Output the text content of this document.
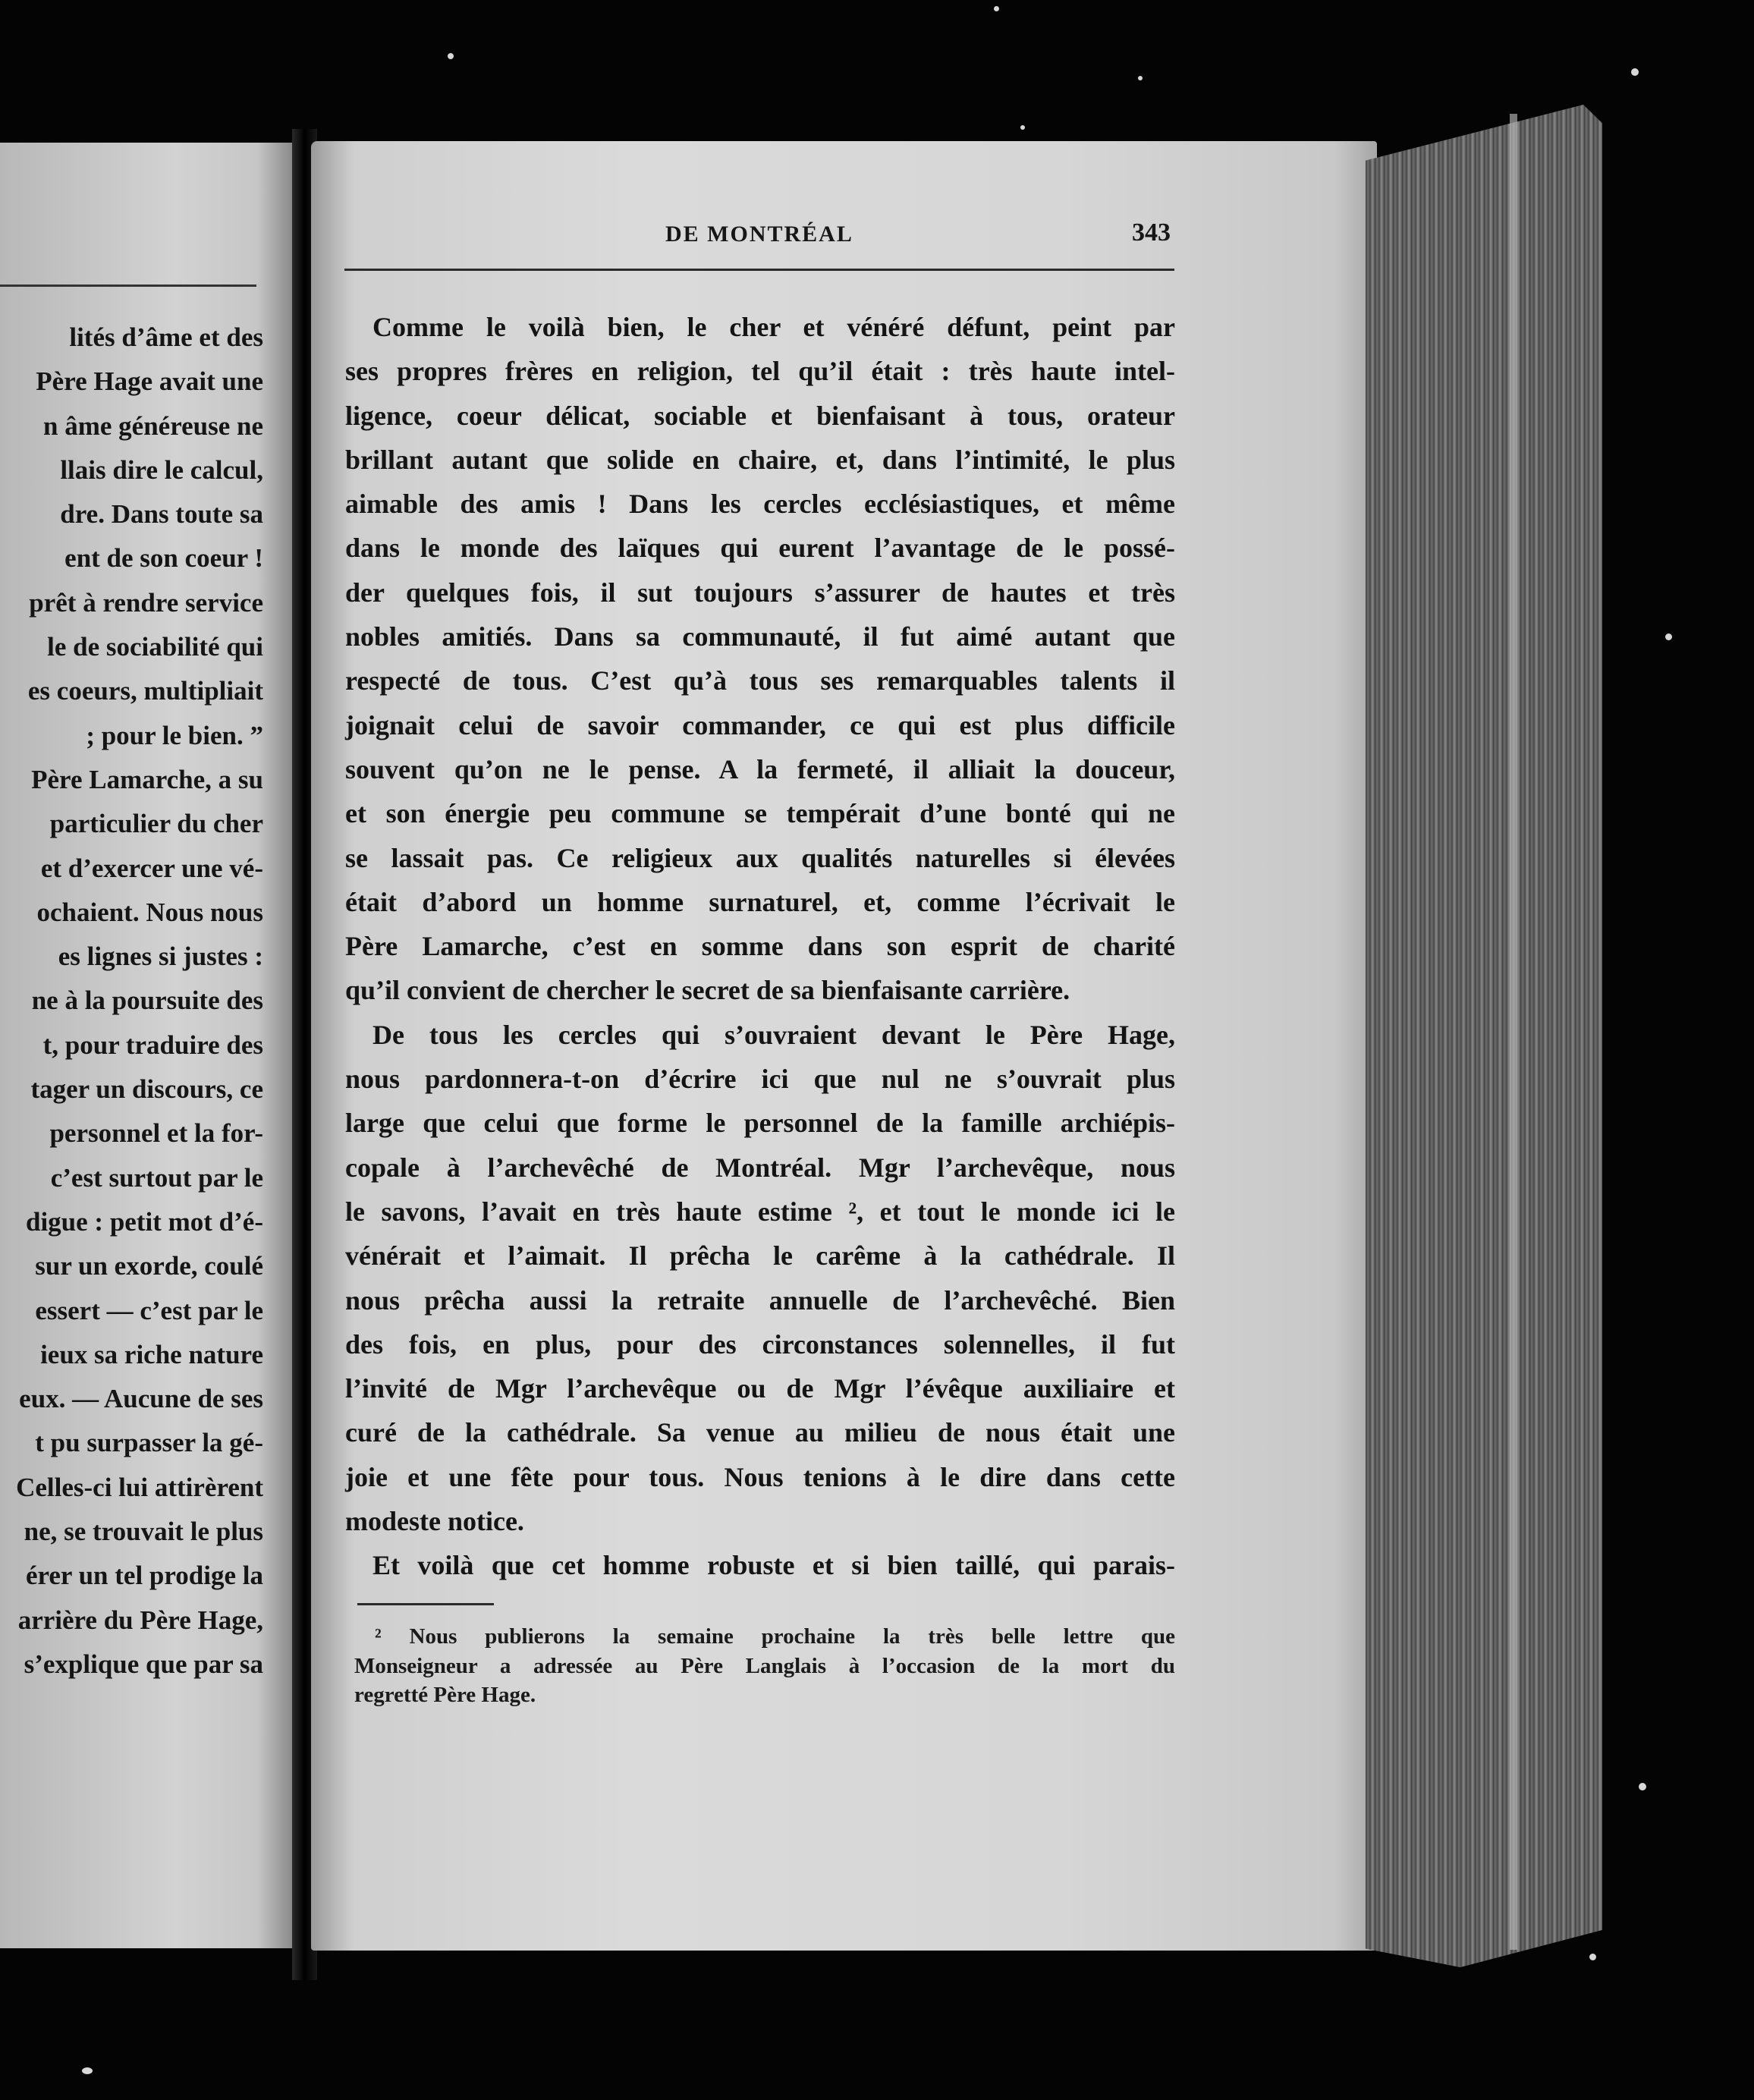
lités d’âme et des
Père Hage avait une
n âme généreuse ne
llais dire le calcul,
dre. Dans toute sa
ent de son coeur !
prêt à rendre service
le de sociabilité qui
es coeurs, multipliait
; pour le bien. ”
Père Lamarche, a su
particulier du cher
et d’exercer une vé-
ochaient. Nous nous
es lignes si justes :
ne à la poursuite des
t, pour traduire des
tager un discours, ce
personnel et la for-
c’est surtout par le
digue : petit mot d’é-
sur un exorde, coulé
essert — c’est par le
ieux sa riche nature
eux. — Aucune de ses
t pu surpasser la gé-
Celles-ci lui attirèrent
ne, se trouvait le plus
érer un tel prodige la
arrière du Père Hage,
s’explique que par sa
DE MONTRÉAL	343
Comme le voilà bien, le cher et vénéré défunt, peint par
ses propres frères en religion, tel qu’il était : très haute intel-
ligence, coeur délicat, sociable et bienfaisant à tous, orateur
brillant autant que solide en chaire, et, dans l’intimité, le plus
aimable des amis ! Dans les cercles ecclésiastiques, et même
dans le monde des laïques qui eurent l’avantage de le possé-
der quelques fois, il sut toujours s’assurer de hautes et très
nobles amitiés. Dans sa communauté, il fut aimé autant que
respecté de tous. C’est qu’à tous ses remarquables talents il
joignait celui de savoir commander, ce qui est plus difficile
souvent qu’on ne le pense. A la fermeté, il alliait la douceur,
et son énergie peu commune se tempérait d’une bonté qui ne
se lassait pas. Ce religieux aux qualités naturelles si élevées
était d’abord un homme surnaturel, et, comme l’écrivait le
Père Lamarche, c’est en somme dans son esprit de charité
qu’il convient de chercher le secret de sa bienfaisante carrière.
De tous les cercles qui s’ouvraient devant le Père Hage,
nous pardonnera-t-on d’écrire ici que nul ne s’ouvrait plus
large que celui que forme le personnel de la famille archiépis-
copale à l’archevêché de Montréal. Mgr l’archevêque, nous
le savons, l’avait en très haute estime ², et tout le monde ici le
vénérait et l’aimait. Il prêcha le carême à la cathédrale. Il
nous prêcha aussi la retraite annuelle de l’archevêché. Bien
des fois, en plus, pour des circonstances solennelles, il fut
l’invité de Mgr l’archevêque ou de Mgr l’évêque auxiliaire et
curé de la cathédrale. Sa venue au milieu de nous était une
joie et une fête pour tous. Nous tenions à le dire dans cette
modeste notice.
Et voilà que cet homme robuste et si bien taillé, qui parais-
² Nous publierons la semaine prochaine la très belle lettre que
Monseigneur a adressée au Père Langlais à l’occasion de la mort du
regretté Père Hage.
